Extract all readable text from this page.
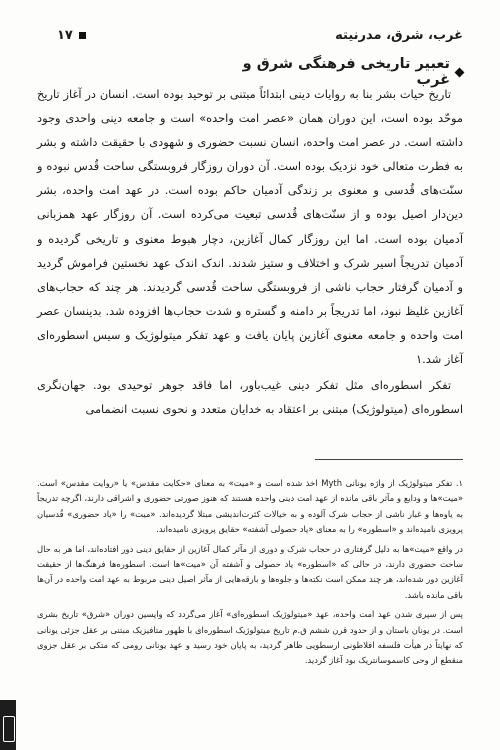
غرب، شرق، مدرنیته
۱۷
تعبیر تاریخی فرهنگی شرق و غرب

تاریخ حیات بشر بنا به روایات دینی ابتدائاً مبتنی بر توحید بوده است. انسان در آغاز تاریخ موحّد بوده است، این دوران همان «عصر امت واحده» است و جامعه دینی واحدی وجود داشته است. در عصر امت واحده، انسان نسبت حضوری و شهودی با حقیقت داشته و بشر به فطرت متعالی خود نزدیک بوده است. آن دوران روزگار فروبستگی ساحت قُدس نبوده و سنّت‌های قُدسی و معنوی بر زندگی آدمیان حاکم بوده است. در عهد امت واحده، بشر دین‌دار اصیل بوده و از سنّت‌های قُدسی تبعیت می‌کرده است. آن روزگار عهد همزبانی آدمیان بوده است. اما این روزگار کمال آغازین، دچار هبوط معنوی و تاریخی گردیده و آدمیان تدریجاً اسیر شرک و اختلاف و ستیز شدند. اندک اندک عهد نخستین فراموش گردید و آدمیان گرفتار حجاب ناشی از فروبستگی ساحت قُدسی گردیدند. هر چند که حجاب‌های آغازین غلیظ نبود، اما تدریجاً بر دامنه و گستره و شدت حجاب‌ها افزوده شد. بدینسان عصر امت واحده و جامعه معنوی آغازین پایان یافت و عهد تفکر میتولوژیک و سیس اسطوره‌ای آغاز شد.۱

تفکر اسطوره‌ای مثل تفکر دینی غیب‌باور، اما فاقد جوهر توحیدی بود. جهان‌نگری اسطوره‌ای (میتولوژیک) مبتنی بر اعتقاد به خدایان متعدد و نحوی نسبت انضمامی

۱. تفکر میتولوژیک از واژه یونانی Myth اخذ شده است و «میت» به معنای «حکایت مقدس» یا «روایت مقدس» است. «میت»ها و ودایع و مآثر باقی مانده از عهد امت دینی واحده هستند که هنوز صورتی حضوری و اشراقی دارند، اگرچه تدریجاً به یاوه‌ها و غبار ناشی از حجاب شرک آلوده و به خیالات کثرت‌اندیشی مبتلا گردیده‌اند. «میت» را «یاد حضوری» قُدسیان پرویزی نامیده‌اند و «اسطوره» را به معنای «یاد حصولی آشفته» حقایق پرویزی نامیده‌اند.

در واقع «میت»ها به دلیل گرفتاری در حجاب شرک و دوری از مآثر کمال آغازین از حقایق دینی دور افتاده‌اند، اما هر به حال ساحت حضوری دارند، در حالی که «اسطوره» یاد حصولی و آشفته آن «میت»ها است. اسطوره‌ها فرهنگ‌ها از حقیقت آغازین دور شده‌اند، هر چند ممکن است نکته‌ها و جلوه‌ها و بارقه‌هایی از مآثر اصیل دینی مربوط به عهد امت واحده در آن‌ها باقی مانده باشد.

پس از سپری شدن عهد امت واحده، عهد «میتولوژیک اسطوره‌ای» آغاز می‌گردد که واپسین دوران «شرق» تاریخ بشری است. در یونان باستان و از حدود قرن ششم ق.م تاریخ میتولوژیک اسطوره‌ای با ظهور متافیزیک مبتنی بر عقل جزئی یونانی که نهایتاً در هیأت فلسفه افلاطونی ارسطویی ظاهر گردید، به پایان خود رسید و عهد یونانی رومی که متکی بر عقل جزوی منقطع از وحی کاسمو‌سانتریک بود آغاز گردید.
